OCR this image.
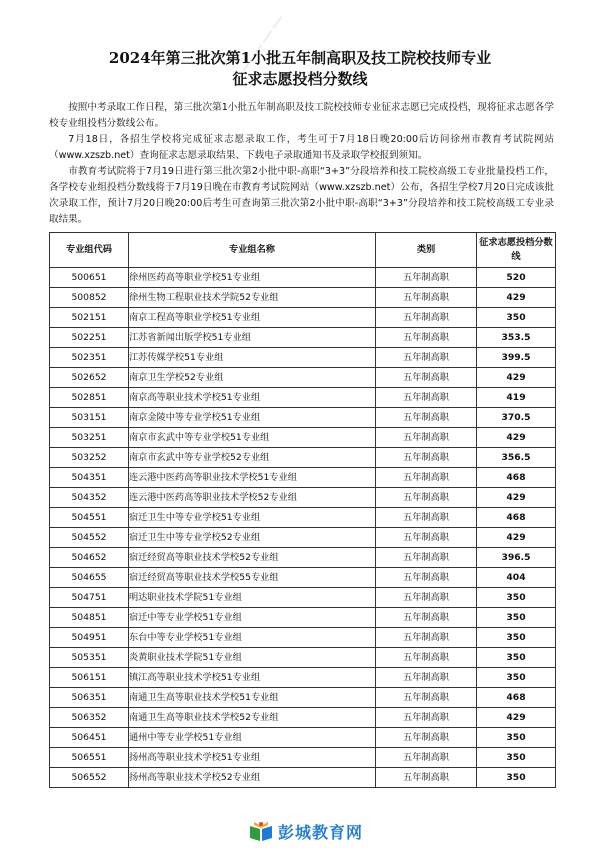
────
2024年第三批次第1小批五年制高职及技工院校技师专业
征求志愿投档分数线

按照中考录取工作日程，第三批次第1小批五年制高职及技工院校技师专业征求志愿已完成投档，现将征求志愿各学校专业组投档分数线公布。

7月18日，各招生学校将完成征求志愿录取工作，考生可于7月18日晚20:00后访问徐州市教育考试院网站（www.xzszb.net）查询征求志愿录取结果、下载电子录取通知书及录取学校报到须知。

市教育考试院将于7月19日进行第三批次第2小批中职-高职“3+3”分段培养和技工院校高级工专业批量投档工作，各学校专业组投档分数线将于7月19日晚在市教育考试院网站（www.xzszb.net）公布，各招生学校7月20日完成该批次录取工作，预计7月20日晚20:00后考生可查询第三批次第2小批中职-高职“3+3”分段培养和技工院校高级工专业录取结果。

专业组代码	专业组名称	类别	征求志愿投档分数线
500651	徐州医药高等职业学校51专业组	五年制高职	520
500852	徐州生物工程职业技术学院52专业组	五年制高职	429
502151	南京工程高等职业学校51专业组	五年制高职	350
502251	江苏省新闻出版学校51专业组	五年制高职	353.5
502351	江苏传媒学校51专业组	五年制高职	399.5
502652	南京卫生学校52专业组	五年制高职	429
502851	南京高等职业技术学校51专业组	五年制高职	419
503151	南京金陵中等专业学校51专业组	五年制高职	370.5
503251	南京市玄武中等专业学校51专业组	五年制高职	429
503252	南京市玄武中等专业学校52专业组	五年制高职	356.5
504351	连云港中医药高等职业技术学校51专业组	五年制高职	468
504352	连云港中医药高等职业技术学校52专业组	五年制高职	429
504551	宿迁卫生中等专业学校51专业组	五年制高职	468
504552	宿迁卫生中等专业学校52专业组	五年制高职	429
504652	宿迁经贸高等职业技术学校52专业组	五年制高职	396.5
504655	宿迁经贸高等职业技术学校55专业组	五年制高职	404
504751	明达职业技术学院51专业组	五年制高职	350
504851	宿迁中等专业学校51专业组	五年制高职	350
504951	东台中等专业学校51专业组	五年制高职	350
505351	炎黄职业技术学院51专业组	五年制高职	350
506151	镇江高等职业技术学校51专业组	五年制高职	350
506351	南通卫生高等职业技术学校51专业组	五年制高职	468
506352	南通卫生高等职业技术学校52专业组	五年制高职	429
506451	通州中等专业学校51专业组	五年制高职	350
506551	扬州高等职业技术学校51专业组	五年制高职	350
506552	扬州高等职业技术学校52专业组	五年制高职	350
彭城教育网
